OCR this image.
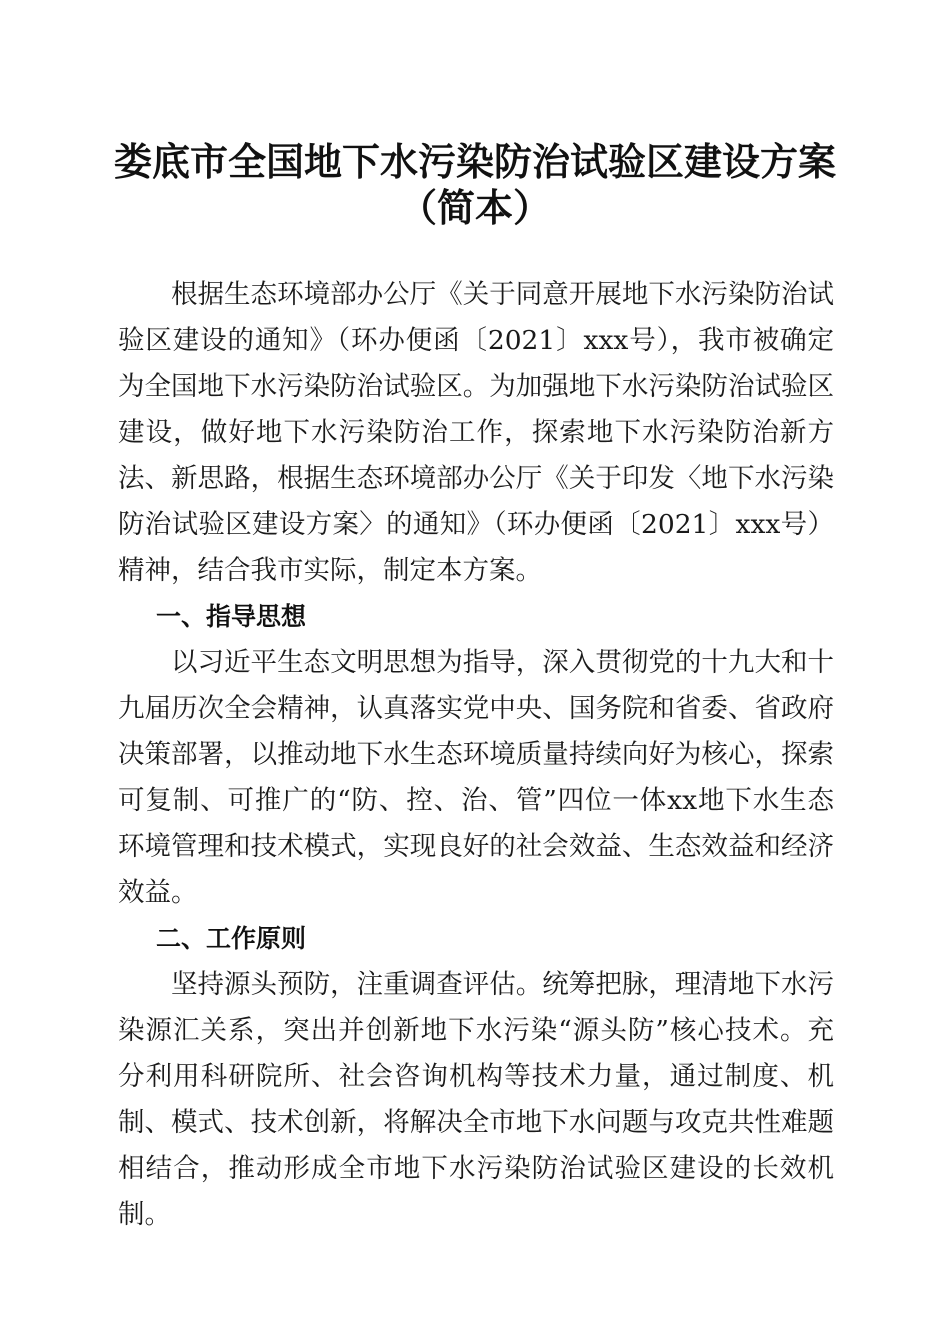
娄底市全国地下水污染防治试验区建设方案
（简本）

根据生态环境部办公厅《关于同意开展地下水污染防治试验区建设的通知》（环办便函〔2021〕xxx号），我市被确定为全国地下水污染防治试验区。为加强地下水污染防治试验区建设，做好地下水污染防治工作，探索地下水污染防治新方法、新思路，根据生态环境部办公厅《关于印发〈地下水污染防治试验区建设方案〉的通知》（环办便函〔2021〕xxx号）精神，结合我市实际，制定本方案。

一、指导思想

以习近平生态文明思想为指导，深入贯彻党的十九大和十九届历次全会精神，认真落实党中央、国务院和省委、省政府决策部署，以推动地下水生态环境质量持续向好为核心，探索可复制、可推广的“防、控、治、管”四位一体xx地下水生态环境管理和技术模式，实现良好的社会效益、生态效益和经济效益。

二、工作原则

坚持源头预防，注重调查评估。统筹把脉，理清地下水污染源汇关系，突出并创新地下水污染“源头防”核心技术。充分利用科研院所、社会咨询机构等技术力量，通过制度、机制、模式、技术创新，将解决全市地下水问题与攻克共性难题相结合，推动形成全市地下水污染防治试验区建设的长效机制。
